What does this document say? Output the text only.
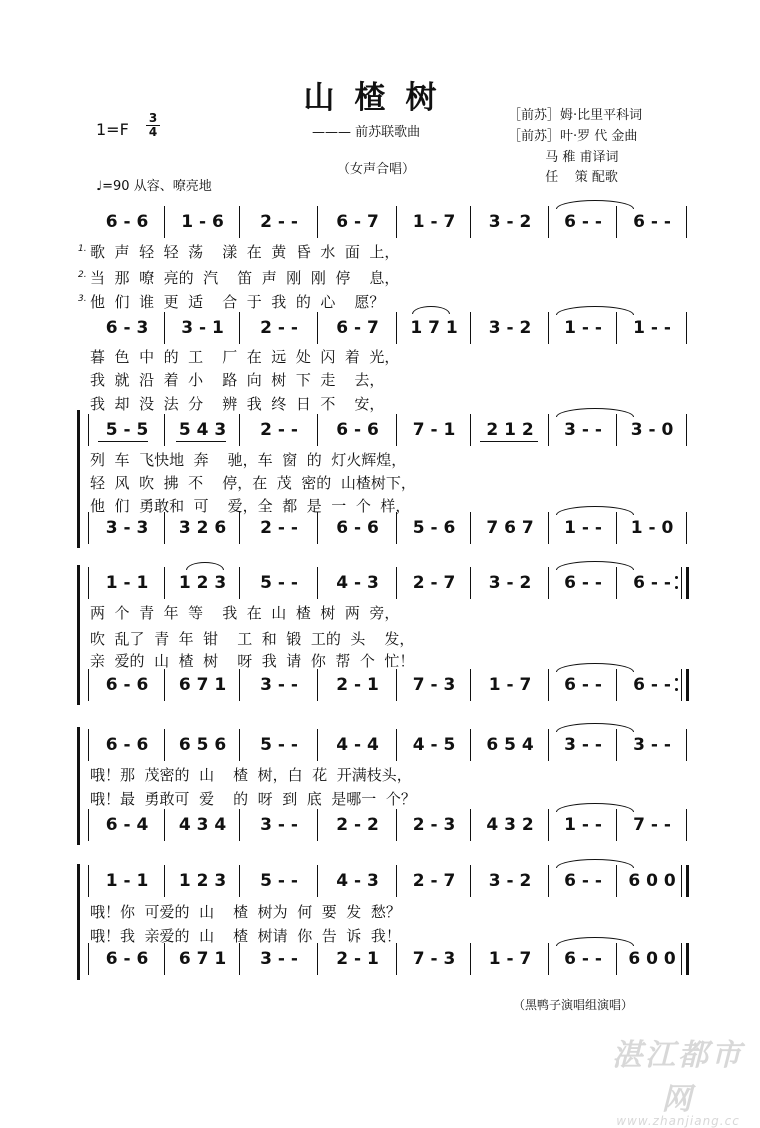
山楂树
1=F
3
4	——— 前苏联歌曲
（女声合唱）
♩=90 从容、嘹亮地
［前苏］姆·比里平科词
［前苏］叶·罗 代 金曲
马 稚 甫译词
任    策 配歌
6 - 6	1 - 6	2 - -	6 - 7	1 - 7	3 - 2	6 - -	6 - -
1. 歌  声  轻  轻  荡    漾  在  黄  昏  水  面  上，
2. 当  那  嘹  亮的  汽    笛  声  刚  刚  停    息，
3. 他  们  谁  更  适    合  于  我  的  心    愿？
6 - 3	3 - 1	2 - -	6 - 7	1 7 1	3 - 2	1 - -	1 - -
暮  色  中  的  工    厂  在  远  处  闪  着  光，
我  就  沿  着  小    路  向  树  下  走    去，
我  却  没  法  分    辨  我  终  日  不    安，
5 - 5	5 4 3	2 - -	6 - 6	7 - 1	2 1 2	3 - -	3 - 0
3 - 3	3 2 6	2 - -	6 - 6	5 - 6	7 6 7	1 - -	1 - 0
列  车  飞快地  奔    驰，车  窗  的  灯火辉煌，
轻  风  吹  拂  不    停，在  茂  密的  山楂树下，
他  们  勇敢和  可    爱，全  都  是  一  个  样，
1 - 1	1 2 3	5 - -	4 - 3	2 - 7	3 - 2	6 - -	6 - -
6 - 6	6 7 1	3 - -	2 - 1	7 - 3	1 - 7	6 - -	6 - -
两  个  青  年  等    我  在  山  楂  树  两  旁，
吹  乱了  青  年  钳    工  和  锻  工的  头    发，
亲  爱的  山  楂  树    呀  我  请  你  帮  个  忙！
6 - 6	6 5 6	5 - -	4 - 4	4 - 5	6 5 4	3 - -	3 - -
6 - 4	4 3 4	3 - -	2 - 2	2 - 3	4 3 2	1 - -	7 - -
哦！那  茂密的  山    楂  树，白  花  开满枝头，
哦！最  勇敢可  爱    的  呀  到  底  是哪一  个？
1 - 1	1 2 3	5 - -	4 - 3	2 - 7	3 - 2	6 - -	6 0 0
6 - 6	6 7 1	3 - -	2 - 1	7 - 3	1 - 7	6 - -	6 0 0
哦！你  可爱的  山    楂  树为  何  要  发  愁？
哦！我  亲爱的  山    楂  树请  你  告  诉  我！
（黑鸭子演唱组演唱）
湛江都市网
www.zhanjiang.cc
